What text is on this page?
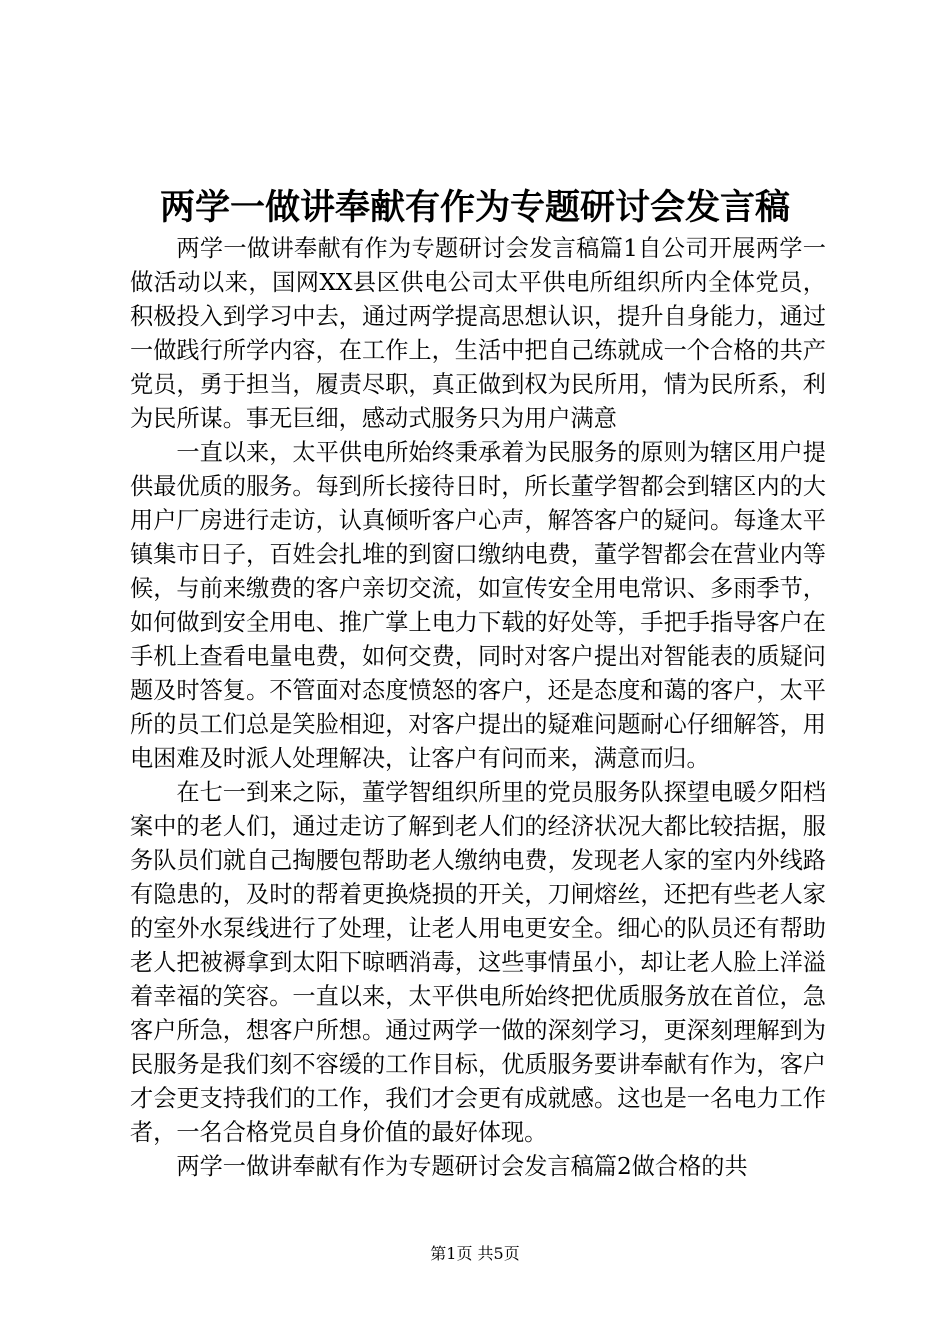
两学一做讲奉献有作为专题研讨会发言稿

两学一做讲奉献有作为专题研讨会发言稿篇1自公司开展两学一做活动以来，国网XX县区供电公司太平供电所组织所内全体党员，积极投入到学习中去，通过两学提高思想认识，提升自身能力，通过一做践行所学内容，在工作上，生活中把自己练就成一个合格的共产党员，勇于担当，履责尽职，真正做到权为民所用，情为民所系，利为民所谋。事无巨细，感动式服务只为用户满意

一直以来，太平供电所始终秉承着为民服务的原则为辖区用户提供最优质的服务。每到所长接待日时，所长董学智都会到辖区内的大用户厂房进行走访，认真倾听客户心声，解答客户的疑问。每逢太平镇集市日子，百姓会扎堆的到窗口缴纳电费，董学智都会在营业内等候，与前来缴费的客户亲切交流，如宣传安全用电常识、多雨季节，如何做到安全用电、推广掌上电力下载的好处等，手把手指导客户在手机上查看电量电费，如何交费，同时对客户提出对智能表的质疑问题及时答复。不管面对态度愤怒的客户，还是态度和蔼的客户，太平所的员工们总是笑脸相迎，对客户提出的疑难问题耐心仔细解答，用电困难及时派人处理解决，让客户有问而来，满意而归。

在七一到来之际，董学智组织所里的党员服务队探望电暖夕阳档案中的老人们，通过走访了解到老人们的经济状况大都比较拮据，服务队员们就自己掏腰包帮助老人缴纳电费，发现老人家的室内外线路有隐患的，及时的帮着更换烧损的开关，刀闸熔丝，还把有些老人家的室外水泵线进行了处理，让老人用电更安全。细心的队员还有帮助老人把被褥拿到太阳下晾晒消毒，这些事情虽小，却让老人脸上洋溢着幸福的笑容。一直以来，太平供电所始终把优质服务放在首位，急客户所急，想客户所想。通过两学一做的深刻学习，更深刻理解到为民服务是我们刻不容缓的工作目标，优质服务要讲奉献有作为，客户才会更支持我们的工作，我们才会更有成就感。这也是一名电力工作者，一名合格党员自身价值的最好体现。

两学一做讲奉献有作为专题研讨会发言稿篇2做合格的共

第1页 共5页
